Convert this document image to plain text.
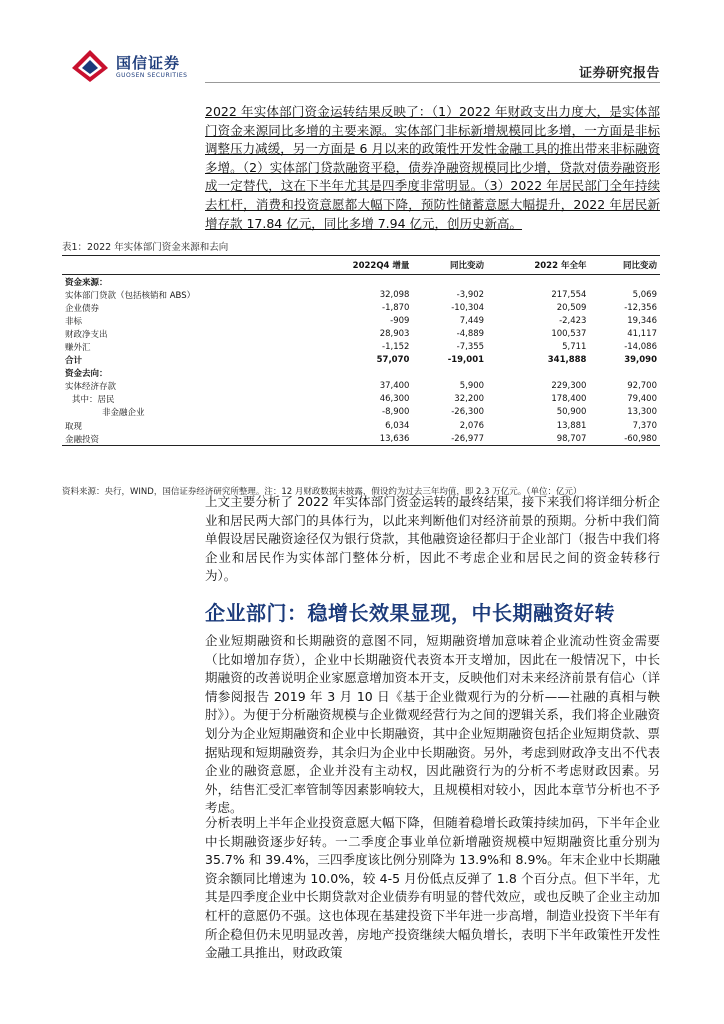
国信证券
GUOSEN SECURITIES	证券研究报告

2022 年实体部门资金运转结果反映了：（1）2022 年财政支出力度大，是实体部门资金来源同比多增的主要来源。实体部门非标新增规模同比多增，一方面是非标调整压力减缓，另一方面是 6 月以来的政策性开发性金融工具的推出带来非标融资多增。（2）实体部门贷款融资平稳，债券净融资规模同比少增，贷款对债券融资形成一定替代，这在下半年尤其是四季度非常明显。（3）2022 年居民部门全年持续去杠杆，消费和投资意愿都大幅下降，预防性储蓄意愿大幅提升，2022 年居民新增存款 17.84 亿元，同比多增 7.94 亿元，创历史新高。

表1：2022 年实体部门资金来源和去向
	2022Q4 增量	同比变动	2022 年全年	同比变动
资金来源：				
实体部门贷款（包括核销和 ABS）	32,098	-3,902	217,554	5,069
企业债券	-1,870	-10,304	20,509	-12,356
非标	-909	7,449	-2,423	19,346
财政净支出	28,903	-4,889	100,537	41,117
赚外汇	-1,152	-7,355	5,711	-14,086
合计	57,070	-19,001	341,888	39,090
资金去向：				
实体经济存款	37,400	5,900	229,300	92,700
其中：居民	46,300	32,200	178,400	79,400
非金融企业	-8,900	-26,300	50,900	13,300
取现	6,034	2,076	13,881	7,370
金融投资	13,636	-26,977	98,707	-60,980
资料来源：央行，WIND，国信证券经济研究所整理。注：12 月财政数据未披露，假设约为过去三年均值，即 2.3 万亿元。（单位：亿元）

上文主要分析了 2022 年实体部门资金运转的最终结果，接下来我们将详细分析企业和居民两大部门的具体行为，以此来判断他们对经济前景的预期。分析中我们简单假设居民融资途径仅为银行贷款，其他融资途径都归于企业部门（报告中我们将企业和居民作为实体部门整体分析，因此不考虑企业和居民之间的资金转移行为）。

企业部门：稳增长效果显现，中长期融资好转

企业短期融资和长期融资的意图不同，短期融资增加意味着企业流动性资金需要（比如增加存货），企业中长期融资代表资本开支增加，因此在一般情况下，中长期融资的改善说明企业家愿意增加资本开支，反映他们对未来经济前景有信心（详情参阅报告 2019 年 3 月 10 日《基于企业微观行为的分析——社融的真相与鞅肘》）。为便于分析融资规模与企业微观经营行为之间的逻辑关系，我们将企业融资划分为企业短期融资和企业中长期融资，其中企业短期融资包括企业短期贷款、票据贴现和短期融资券，其余归为企业中长期融资。另外，考虑到财政净支出不代表企业的融资意愿，企业并没有主动权，因此融资行为的分析不考虑财政因素。另外，结售汇受汇率管制等因素影响较大，且规模相对较小，因此本章节分析也不予考虑。

分析表明上半年企业投资意愿大幅下降，但随着稳增长政策持续加码，下半年企业中长期融资逐步好转。一二季度企事业单位新增融资规模中短期融资比重分别为 35.7% 和 39.4%，三四季度该比例分别降为 13.9%和 8.9%。年末企业中长期融资余额同比增速为 10.0%，较 4-5 月份低点反弹了 1.8 个百分点。但下半年，尤其是四季度企业中长期贷款对企业债券有明显的替代效应，或也反映了企业主动加杠杆的意愿仍不强。这也体现在基建投资下半年进一步高增，制造业投资下半年有所企稳但仍未见明显改善，房地产投资继续大幅负增长，表明下半年政策性开发性金融工具推出，财政政策
